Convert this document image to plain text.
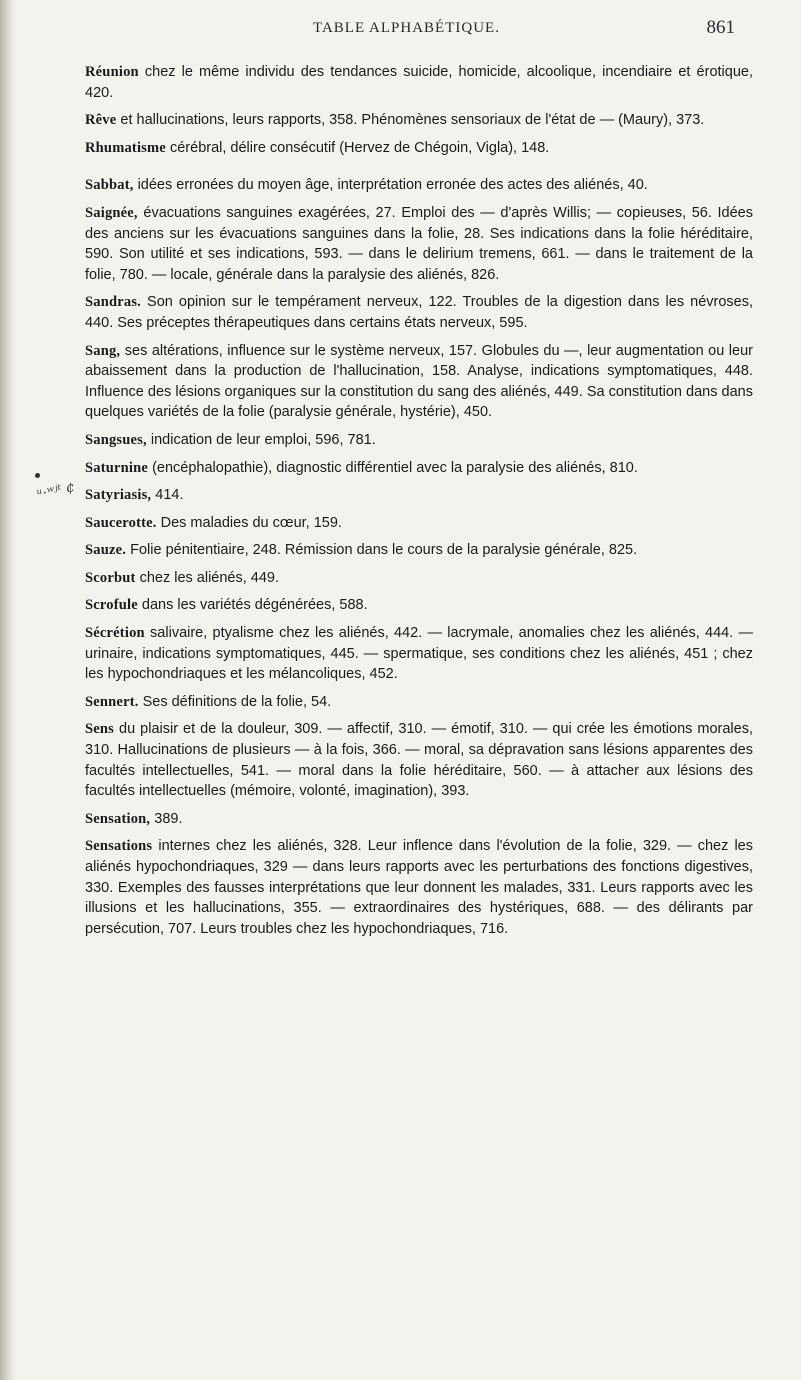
TABLE ALPHABÉTIQUE.	861
ᵘ·ʷʲᵗ ¢

Réunion chez le même individu des tendances suicide, homicide, alcoolique, incendiaire et érotique, 420.

Rêve et hallucinations, leurs rapports, 358. Phénomènes sensoriaux de l'état de — (Maury), 373.

Rhumatisme cérébral, délire consécutif (Hervez de Chégoin, Vigla), 148.

Sabbat, idées erronées du moyen âge, interprétation erronée des actes des aliénés, 40.

Saignée, évacuations sanguines exagérées, 27. Emploi des — d'après Willis; — copieuses, 56. Idées des anciens sur les évacuations sanguines dans la folie, 28. Ses indications dans la folie héréditaire, 590. Son utilité et ses indications, 593. — dans le delirium tremens, 661. — dans le traitement de la folie, 780. — locale, générale dans la paralysie des aliénés, 826.

Sandras. Son opinion sur le tempérament nerveux, 122. Troubles de la digestion dans les névroses, 440. Ses préceptes thérapeutiques dans certains états nerveux, 595.

Sang, ses altérations, influence sur le système nerveux, 157. Globules du —, leur augmentation ou leur abaissement dans la production de l'hallucination, 158. Analyse, indications symptomatiques, 448. Influence des lésions organiques sur la constitution du sang des aliénés, 449. Sa constitution dans dans quelques variétés de la folie (paralysie générale, hystérie), 450.

Sangsues, indication de leur emploi, 596, 781.

Saturnine (encéphalopathie), diagnostic différentiel avec la paralysie des aliénés, 810.

Satyriasis, 414.

Saucerotte. Des maladies du cœur, 159.

Sauze. Folie pénitentiaire, 248. Rémission dans le cours de la paralysie générale, 825.

Scorbut chez les aliénés, 449.

Scrofule dans les variétés dégénérées, 588.

Sécrétion salivaire, ptyalisme chez les aliénés, 442. — lacrymale, anomalies chez les aliénés, 444. — urinaire, indications symptomatiques, 445. — spermatique, ses conditions chez les aliénés, 451 ; chez les hypochondriaques et les mélancoliques, 452.

Sennert. Ses définitions de la folie, 54.

Sens du plaisir et de la douleur, 309. — affectif, 310. — émotif, 310. — qui crée les émotions morales, 310. Hallucinations de plusieurs — à la fois, 366. — moral, sa dépravation sans lésions apparentes des facultés intellectuelles, 541. — moral dans la folie héréditaire, 560. — à attacher aux lésions des facultés intellectuelles (mémoire, volonté, imagination), 393.

Sensation, 389.

Sensations internes chez les aliénés, 328. Leur inflence dans l'évolution de la folie, 329. — chez les aliénés hypochondriaques, 329 — dans leurs rapports avec les perturbations des fonctions digestives, 330. Exemples des fausses interprétations que leur donnent les malades, 331. Leurs rapports avec les illusions et les hallucinations, 355. — extraordinaires des hystériques, 688. — des délirants par persécution, 707. Leurs troubles chez les hypochondriaques, 716.
